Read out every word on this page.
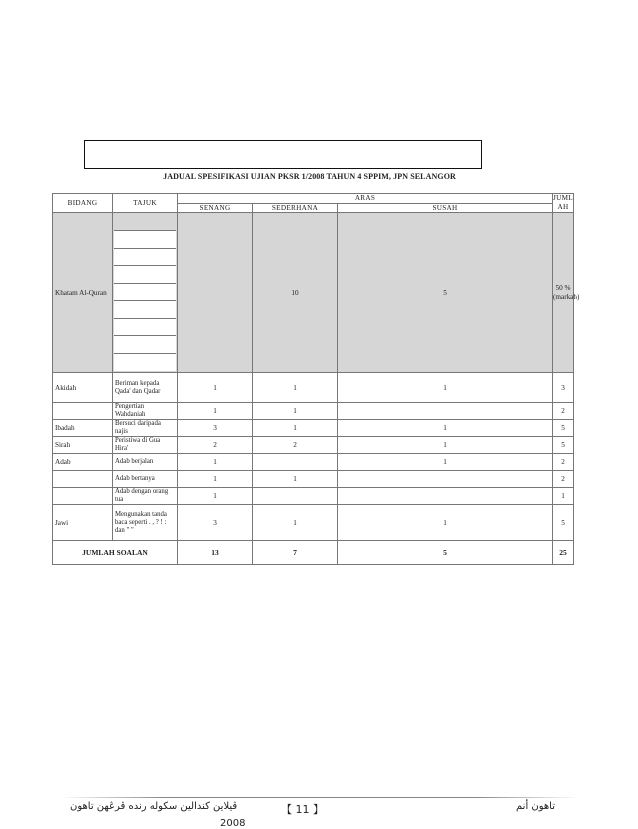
JADUAL SPESIFIKASI UJIAN PKSR 1/2008 TAHUN 4 SPPIM, JPN SELANGOR
BIDANG	TAJUK	ARAS			JUML AH
		SENANG	SEDERHANA	SUSAH	
Khatam Al-Quran			10	5	50 % (markah)
Akidah	Beriman kepada Qada' dan Qadar	1	1	1	3
	Pengertian Wahdaniah	1	1		2
Ibadah	Bersuci daripada najis	3	1	1	5
Sirah	Peristiwa di Gua Hira'	2	2	1	5
Adab	Adab berjalan	1		1	2
	Adab bertanya	1	1		2
	Adab dengan orang tua	1			1
Jawi	Mengunakan tanda baca seperti . , ? ! : dan " "	3	1	1	5
JUMLAH SOALAN		13	7	5	25
ڤيلاين كندالين سكوله رنده ڤرڠهن تاهون	【 11 】	تاهون أنم
2008
